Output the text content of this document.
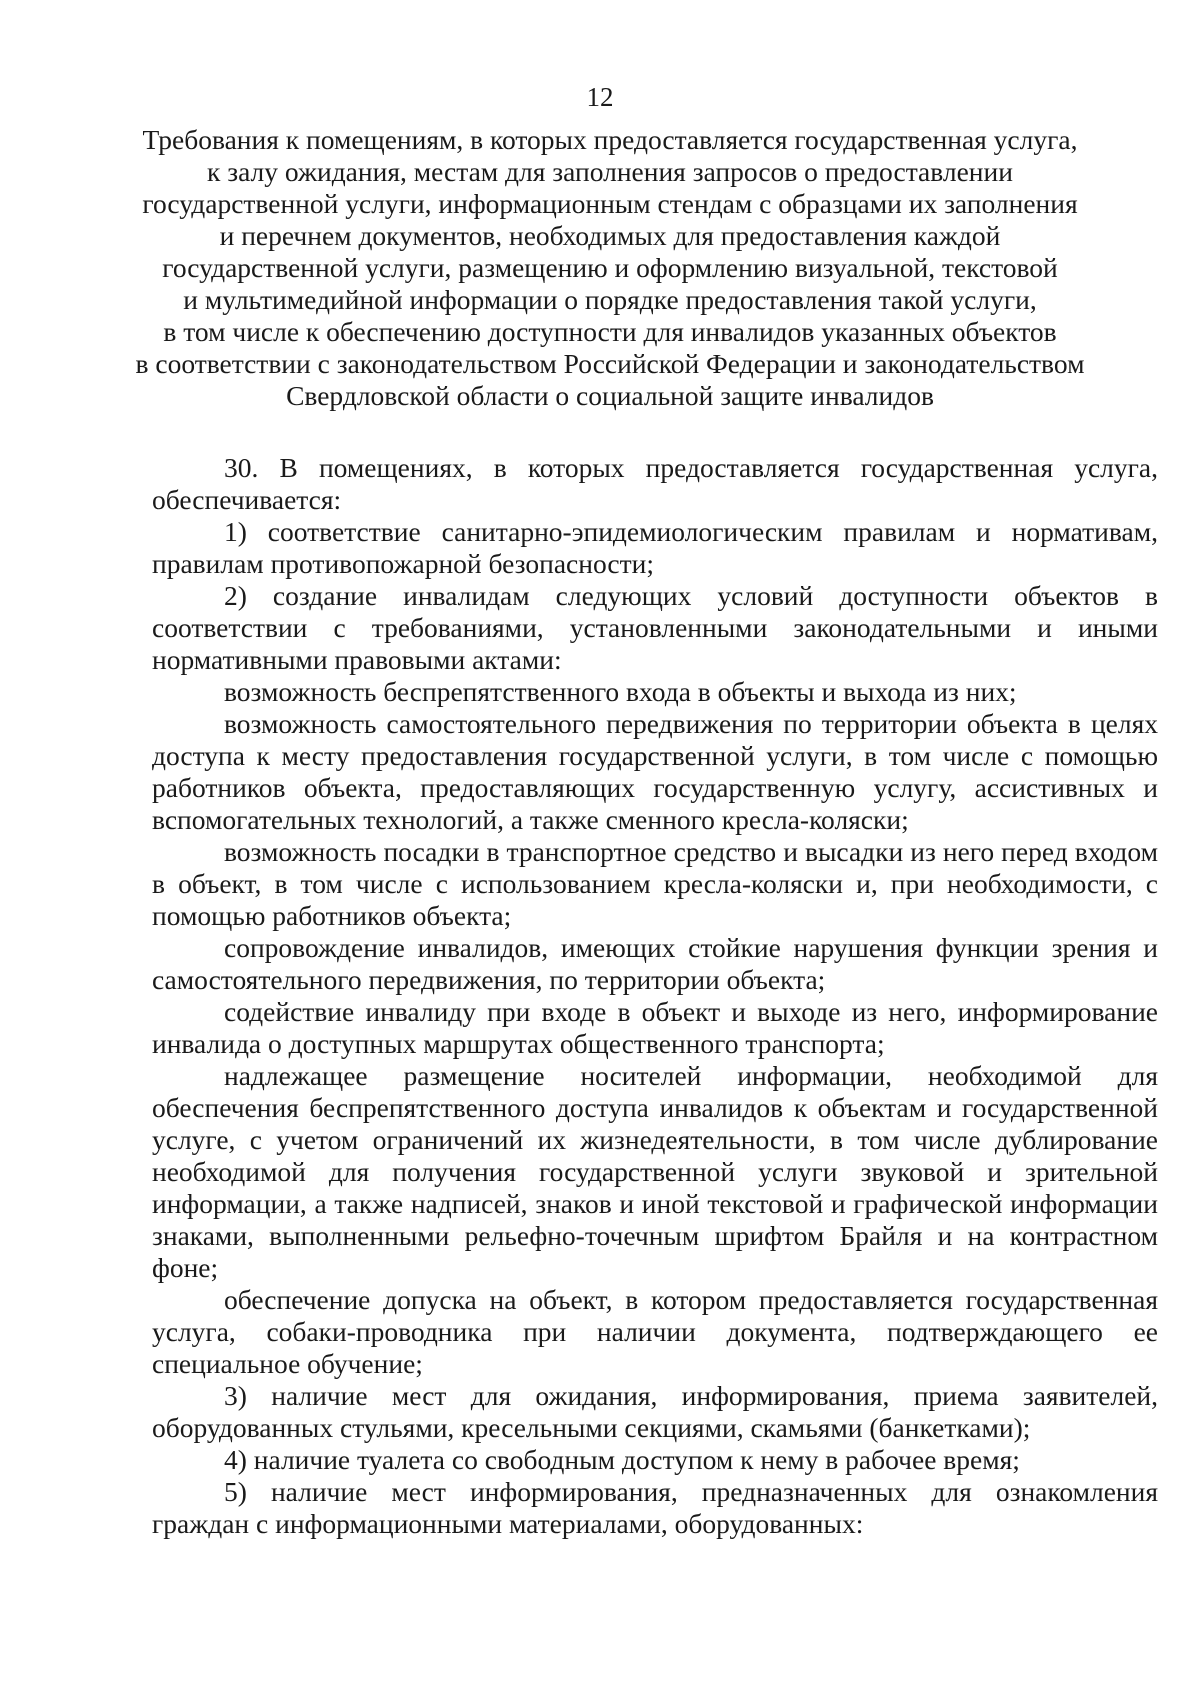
12
Требования к помещениям, в которых предоставляется государственная услуга,
к залу ожидания, местам для заполнения запросов о предоставлении
государственной услуги, информационным стендам с образцами их заполнения
и перечнем документов, необходимых для предоставления каждой
государственной услуги, размещению и оформлению визуальной, текстовой
и мультимедийной информации о порядке предоставления такой услуги,
в том числе к обеспечению доступности для инвалидов указанных объектов
в соответствии с законодательством Российской Федерации и законодательством
Свердловской области о социальной защите инвалидов

30. В помещениях, в которых предоставляется государственная услуга, обеспечивается:

1) соответствие санитарно-эпидемиологическим правилам и нормативам, правилам противопожарной безопасности;

2) создание инвалидам следующих условий доступности объектов в соответствии с требованиями, установленными законодательными и иными нормативными правовыми актами:

возможность беспрепятственного входа в объекты и выхода из них;

возможность самостоятельного передвижения по территории объекта в целях доступа к месту предоставления государственной услуги, в том числе с помощью работников объекта, предоставляющих государственную услугу, ассистивных и вспомогательных технологий, а также сменного кресла-коляски;

возможность посадки в транспортное средство и высадки из него перед входом в объект, в том числе с использованием кресла-коляски и, при необходимости, с помощью работников объекта;

сопровождение инвалидов, имеющих стойкие нарушения функции зрения и самостоятельного передвижения, по территории объекта;

содействие инвалиду при входе в объект и выходе из него, информирование инвалида о доступных маршрутах общественного транспорта;

надлежащее размещение носителей информации, необходимой для обеспечения беспрепятственного доступа инвалидов к объектам и государственной услуге, с учетом ограничений их жизнедеятельности, в том числе дублирование необходимой для получения государственной услуги звуковой и зрительной информации, а также надписей, знаков и иной текстовой и графической информации знаками, выполненными рельефно-точечным шрифтом Брайля и на контрастном фоне;

обеспечение допуска на объект, в котором предоставляется государственная услуга, собаки-проводника при наличии документа, подтверждающего ее специальное обучение;

3) наличие мест для ожидания, информирования, приема заявителей, оборудованных стульями, кресельными секциями, скамьями (банкетками);

4) наличие туалета со свободным доступом к нему в рабочее время;

5) наличие мест информирования, предназначенных для ознакомления граждан с информационными материалами, оборудованных:
